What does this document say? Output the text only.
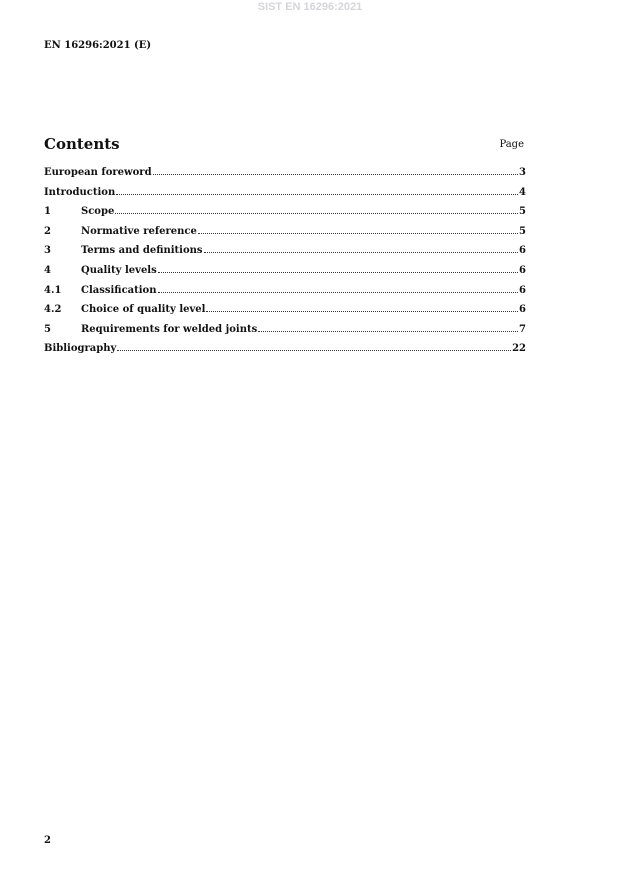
SIST EN 16296:2021
EN 16296:2021 (E)
Contents	Page
European foreword	3
Introduction	4
1	Scope	5
2	Normative reference	5
3	Terms and definitions	6
4	Quality levels	6
4.1	Classification	6
4.2	Choice of quality level	6
5	Requirements for welded joints	7
Bibliography	22
2
